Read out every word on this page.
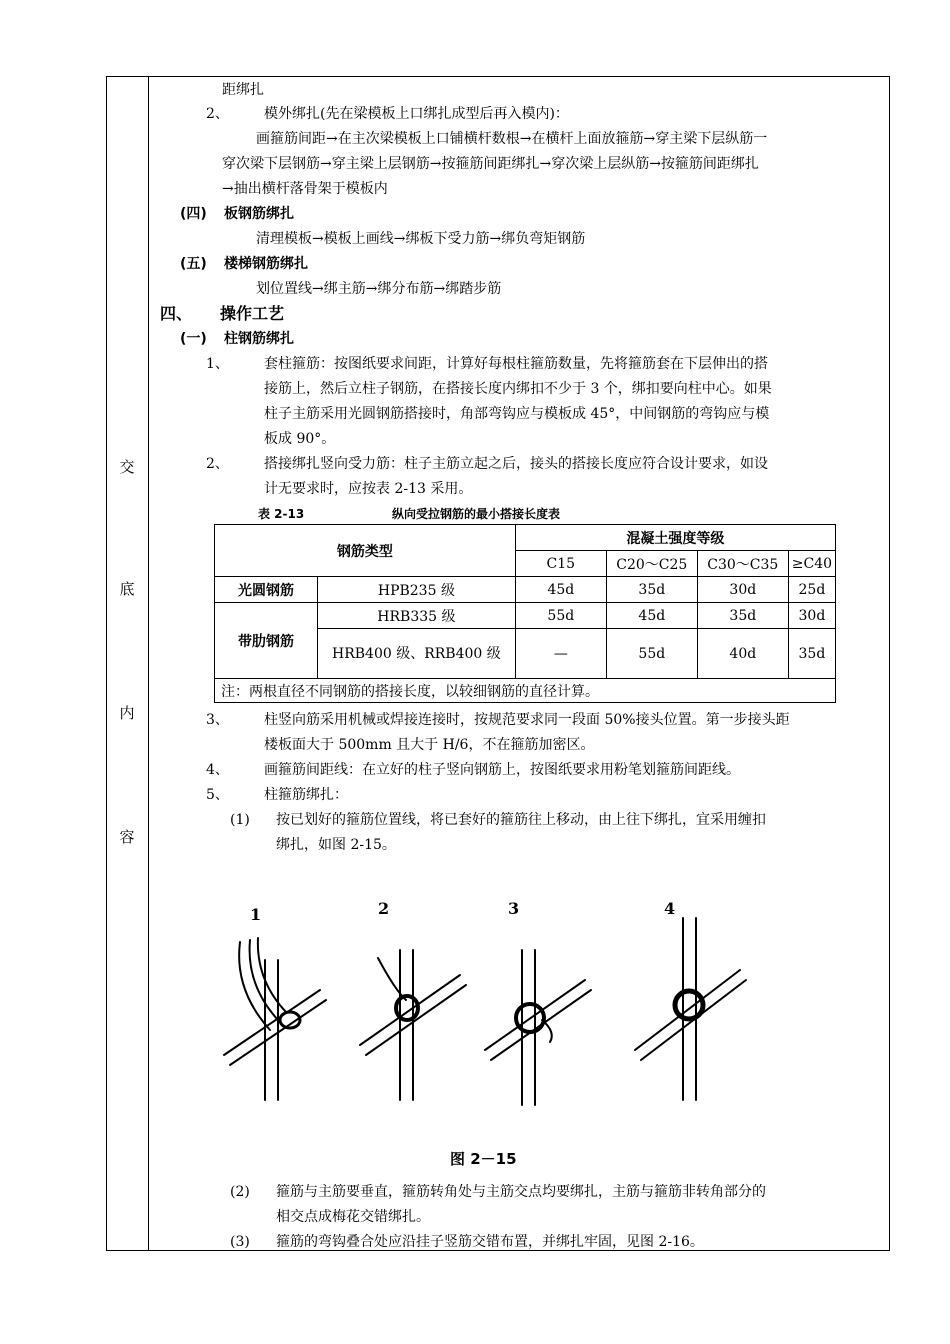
交
底
内
容
距绑扎
2、	模外绑扎(先在梁模板上口绑扎成型后再入模内)：
画箍筋间距→在主次梁模板上口铺横杆数根→在横杆上面放箍筋→穿主梁下层纵筋一
穿次梁下层钢筋→穿主梁上层钢筋→按箍筋间距绑扎→穿次梁上层纵筋→按箍筋间距绑扎
→抽出横杆落骨架于模板内
(四) 板钢筋绑扎
清理模板→模板上画线→绑板下受力筋→绑负弯矩钢筋
(五) 楼梯钢筋绑扎
划位置线→绑主筋→绑分布筋→绑踏步筋
四、 操作工艺
(一) 柱钢筋绑扎
1、	套柱箍筋：按图纸要求间距，计算好每根柱箍筋数量，先将箍筋套在下层伸出的搭
接筋上，然后立柱子钢筋，在搭接长度内绑扣不少于 3 个，绑扣要向柱中心。如果
柱子主筋采用光圆钢筋搭接时，角部弯钩应与模板成 45°，中间钢筋的弯钩应与模
板成 90°。
2、	搭接绑扎竖向受力筋：柱子主筋立起之后，接头的搭接长度应符合设计要求，如设
计无要求时，应按表 2-13 采用。
表 2-13	纵向受拉钢筋的最小搭接长度表
钢筋类型		混凝土强度等级			
		C15	C20～C25	C30～C35	≥C40
光圆钢筋	HPB235 级	45d	35d	30d	25d
带肋钢筋	HRB335 级	55d	45d	35d	30d
	HRB400 级、RRB400 级	—	55d	40d	35d
注：两根直径不同钢筋的搭接长度，以较细钢筋的直径计算。					
3、	柱竖向筋采用机械或焊接连接时，按规范要求同一段面 50%接头位置。第一步接头距
楼板面大于 500mm 且大于 H/6，不在箍筋加密区。
4、	画箍筋间距线：在立好的柱子竖向钢筋上，按图纸要求用粉笔划箍筋间距线。
5、	柱箍筋绑扎：
(1) 按已划好的箍筋位置线，将已套好的箍筋往上移动，由上往下绑扎，宜采用缠扣
绑扎，如图 2-15。
1	2	3	4
图 2－15
(2) 箍筋与主筋要垂直，箍筋转角处与主筋交点均要绑扎，主筋与箍筋非转角部分的
相交点成梅花交错绑扎。
(3) 箍筋的弯钩叠合处应沿挂子竖筋交错布置，并绑扎牢固，见图 2-16。
